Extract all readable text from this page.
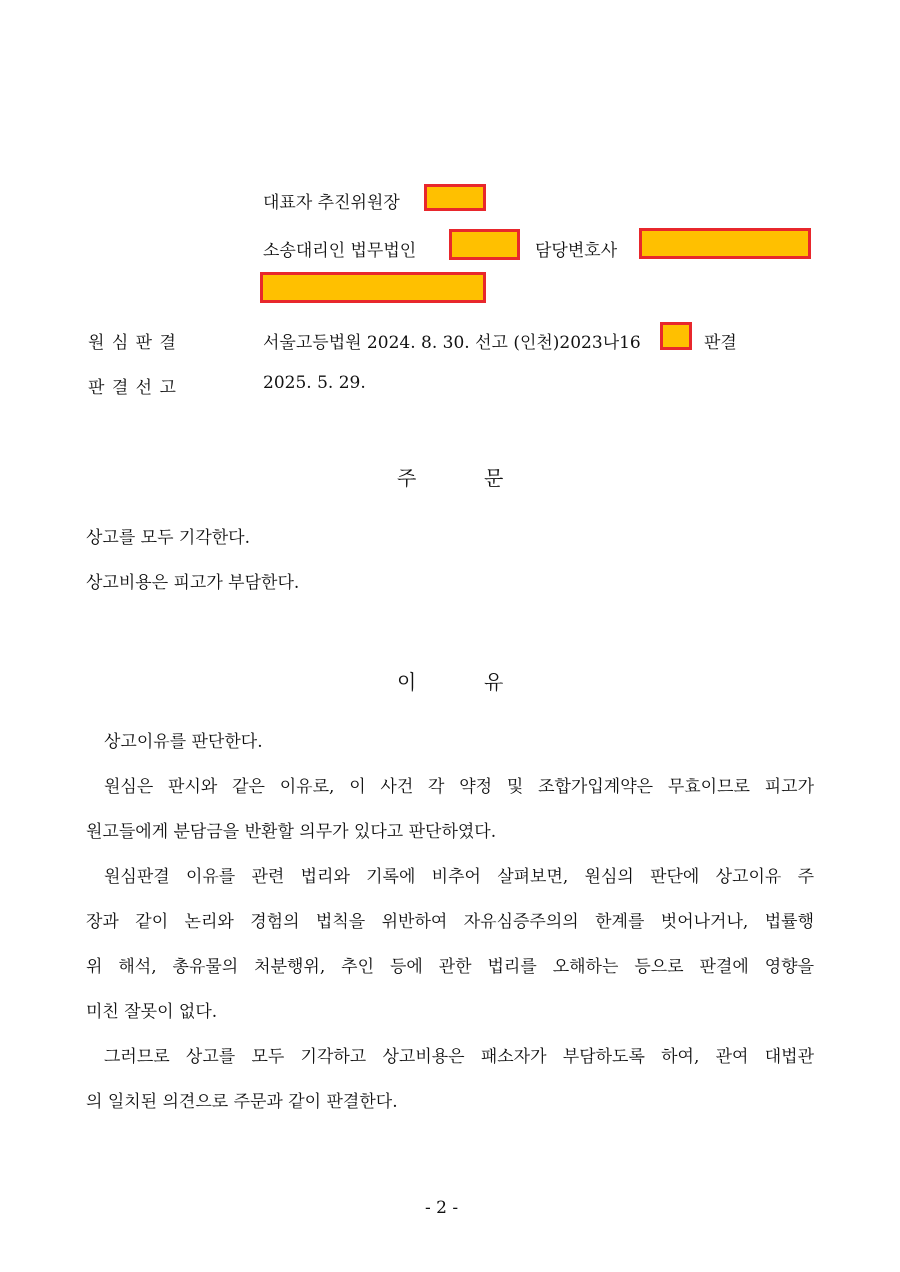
대표자 추진위원장
소송대리인 법무법인	담당변호사
원 심 판 결	서울고등법원 2024. 8. 30. 선고 (인천)2023나16	판결
판 결 선 고	2025. 5. 29.
주	문
상고를 모두 기각한다.
상고비용은 피고가 부담한다.
이	유
상고이유를 판단한다.
원심은 판시와 같은 이유로, 이 사건 각 약정 및 조합가입계약은 무효이므로 피고가
원고들에게 분담금을 반환할 의무가 있다고 판단하였다.
원심판결 이유를 관련 법리와 기록에 비추어 살펴보면, 원심의 판단에 상고이유 주
장과 같이 논리와 경험의 법칙을 위반하여 자유심증주의의 한계를 벗어나거나, 법률행
위 해석, 총유물의 처분행위, 추인 등에 관한 법리를 오해하는 등으로 판결에 영향을
미친 잘못이 없다.
그러므로 상고를 모두 기각하고 상고비용은 패소자가 부담하도록 하여, 관여 대법관
의 일치된 의견으로 주문과 같이 판결한다.
- 2 -
